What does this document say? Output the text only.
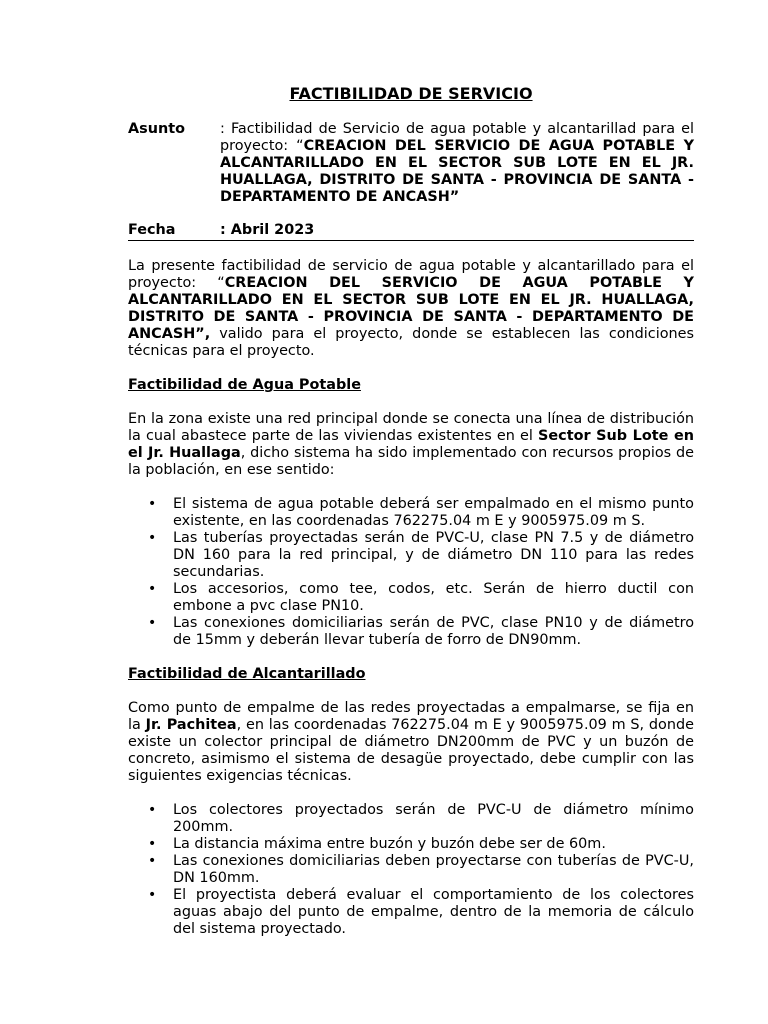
FACTIBILIDAD DE SERVICIO
Asunto	: Factibilidad de Servicio de agua potable y alcantarillad para el proyecto: “CREACION DEL SERVICIO DE AGUA POTABLE Y ALCANTARILLADO EN EL SECTOR SUB LOTE EN EL JR. HUALLAGA, DISTRITO DE SANTA - PROVINCIA DE SANTA - DEPARTAMENTO DE ANCASH”
Fecha	: Abril 2023

La presente factibilidad de servicio de agua potable y alcantarillado para el proyecto: “CREACION DEL SERVICIO DE AGUA POTABLE Y ALCANTARILLADO EN EL SECTOR SUB LOTE EN EL JR. HUALLAGA, DISTRITO DE SANTA - PROVINCIA DE SANTA - DEPARTAMENTO DE ANCASH”, valido para el proyecto, donde se establecen las condiciones técnicas para el proyecto.

Factibilidad de Agua Potable

En la zona existe una red principal donde se conecta una línea de distribución la cual abastece parte de las viviendas existentes en el Sector Sub Lote en el Jr. Huallaga, dicho sistema ha sido implementado con recursos propios de la población, en ese sentido:

• El sistema de agua potable deberá ser empalmado en el mismo punto existente, en las coordenadas 762275.04 m E y 9005975.09 m S.
• Las tuberías proyectadas serán de PVC-U, clase PN 7.5 y de diámetro DN 160 para la red principal, y de diámetro DN 110 para las redes secundarias.
• Los accesorios, como tee, codos, etc. Serán de hierro ductil con embone a pvc clase PN10.
• Las conexiones domiciliarias serán de PVC, clase PN10 y de diámetro de 15mm y deberán llevar tubería de forro de DN90mm.
Factibilidad de Alcantarillado

Como punto de empalme de las redes proyectadas a empalmarse, se fija en la Jr. Pachitea, en las coordenadas 762275.04 m E y 9005975.09 m S, donde existe un colector principal de diámetro DN200mm de PVC y un buzón de concreto, asimismo el sistema de desagüe proyectado, debe cumplir con las siguientes exigencias técnicas.

• Los colectores proyectados serán de PVC-U de diámetro mínimo 200mm.
• La distancia máxima entre buzón y buzón debe ser de 60m.
• Las conexiones domiciliarias deben proyectarse con tuberías de PVC-U, DN 160mm.
• El proyectista deberá evaluar el comportamiento de los colectores aguas abajo del punto de empalme, dentro de la memoria de cálculo del sistema proyectado.
